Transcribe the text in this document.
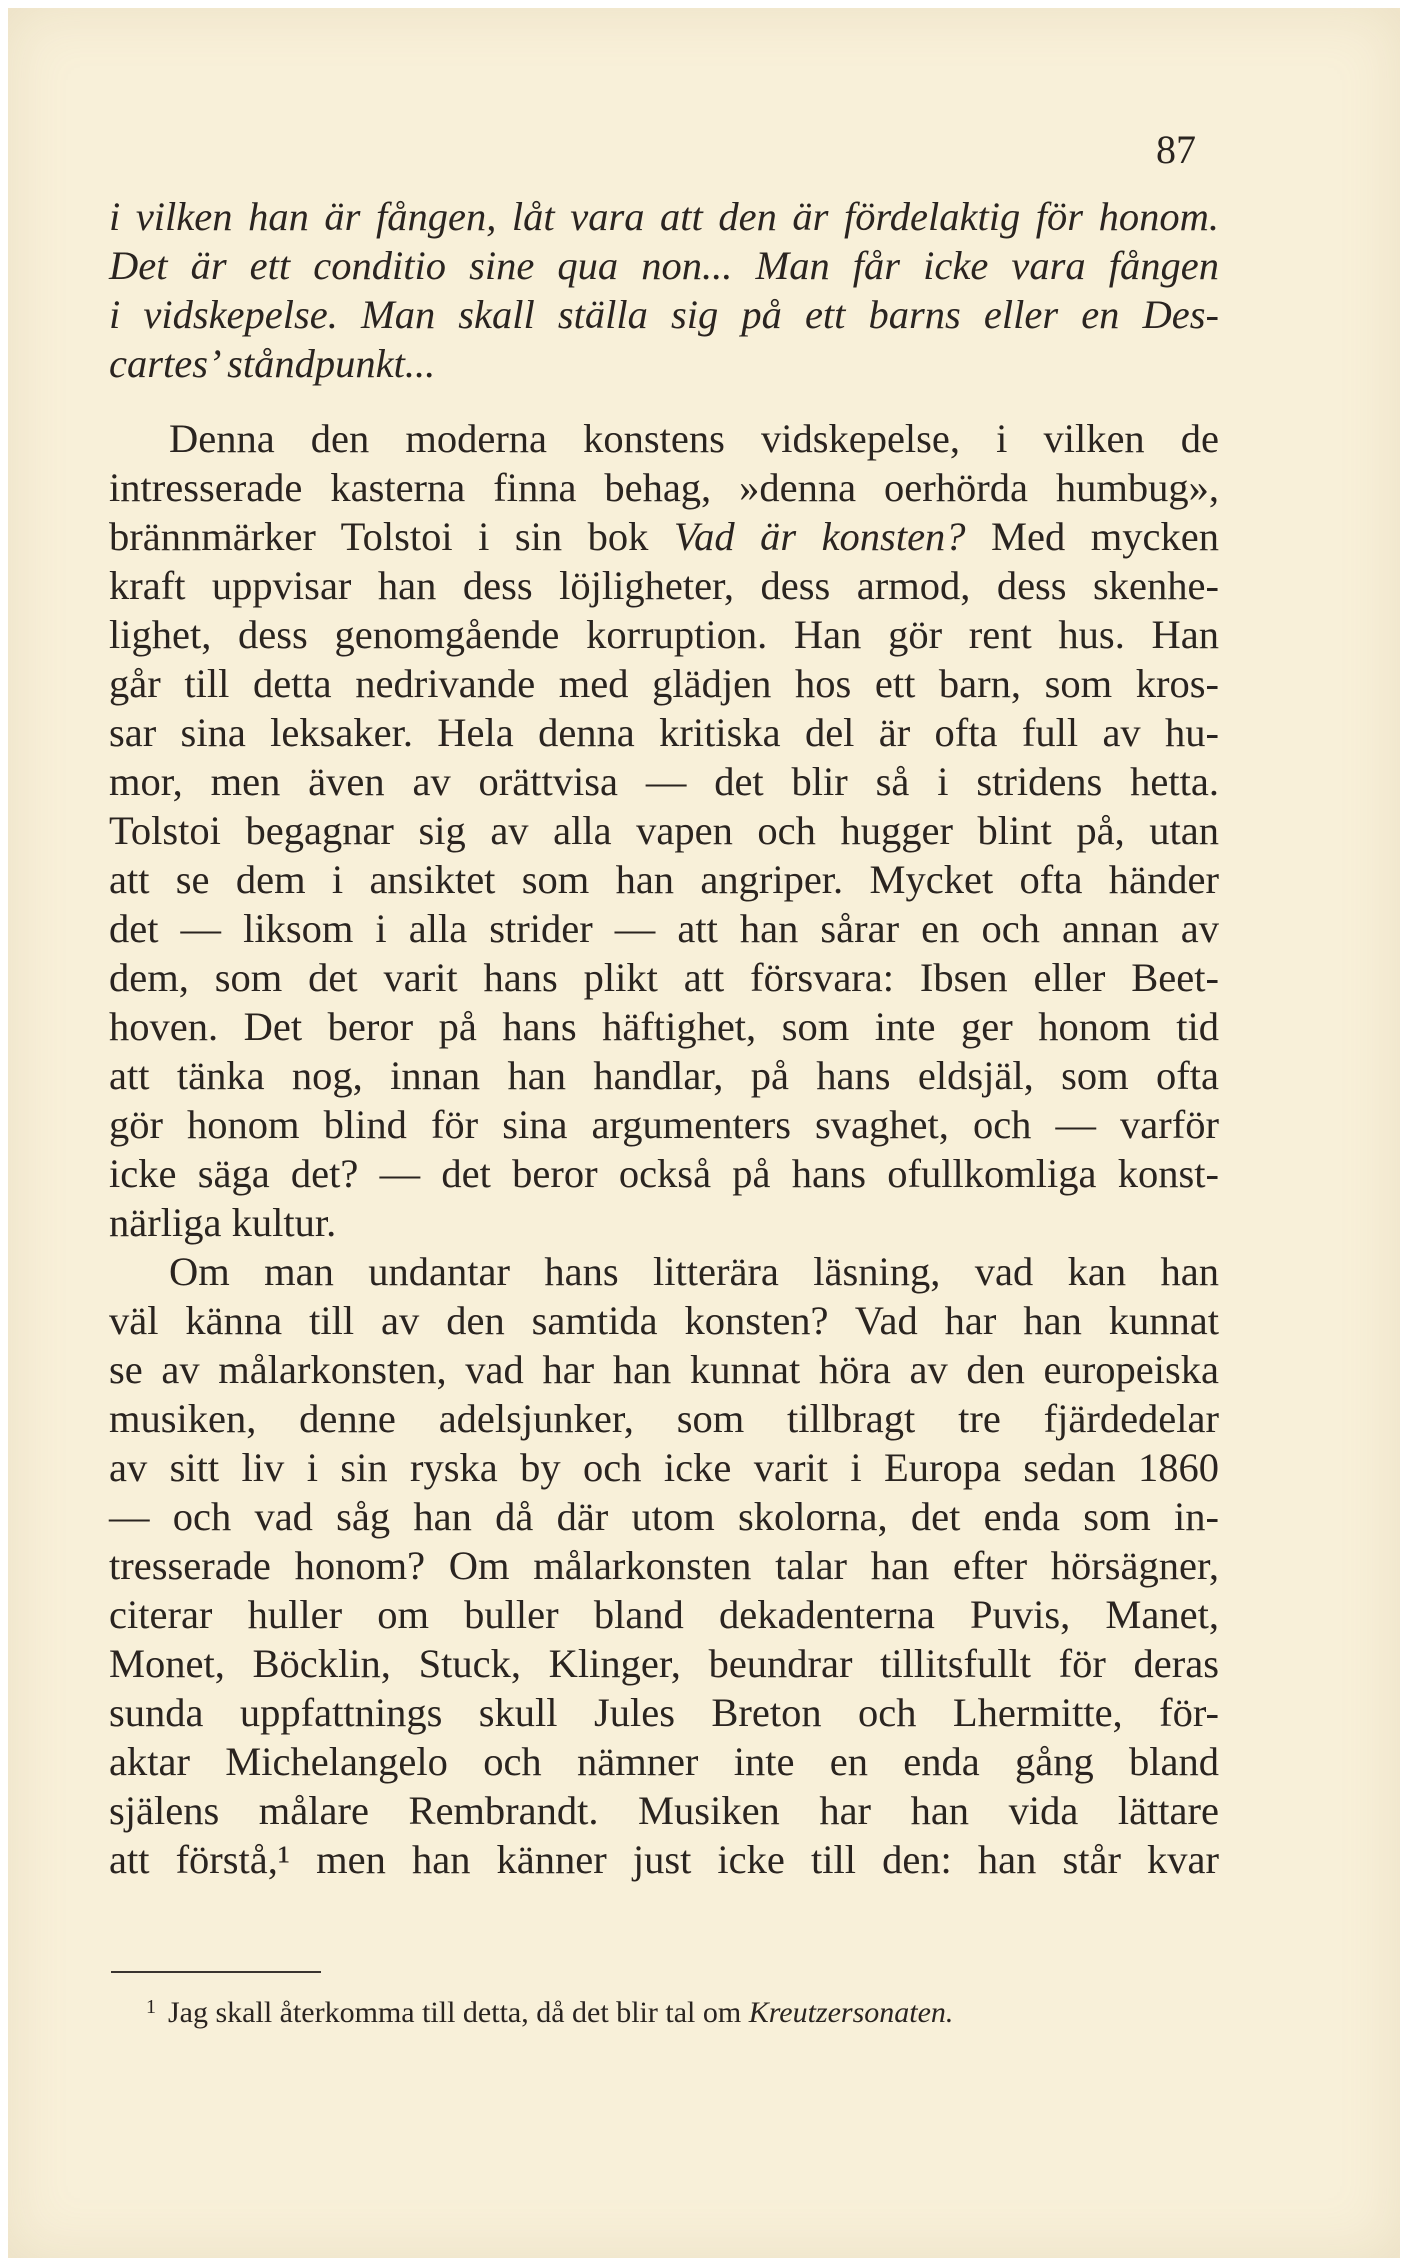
87
i vilken han är fången, låt vara att den är fördelaktig för honom.
Det är ett conditio sine qua non... Man får icke vara fången
i vidskepelse. Man skall ställa sig på ett barns eller en Des-
cartes’ ståndpunkt...
Denna den moderna konstens vidskepelse, i vilken de
intresserade kasterna finna behag, »denna oerhörda humbug»,
brännmärker Tolstoi i sin bok Vad är konsten? Med mycken
kraft uppvisar han dess löjligheter, dess armod, dess skenhe-
lighet, dess genomgående korruption. Han gör rent hus. Han
går till detta nedrivande med glädjen hos ett barn, som kros-
sar sina leksaker. Hela denna kritiska del är ofta full av hu-
mor, men även av orättvisa — det blir så i stridens hetta.
Tolstoi begagnar sig av alla vapen och hugger blint på, utan
att se dem i ansiktet som han angriper. Mycket ofta händer
det — liksom i alla strider — att han sårar en och annan av
dem, som det varit hans plikt att försvara: Ibsen eller Beet-
hoven. Det beror på hans häftighet, som inte ger honom tid
att tänka nog, innan han handlar, på hans eldsjäl, som ofta
gör honom blind för sina argumenters svaghet, och — varför
icke säga det? — det beror också på hans ofullkomliga konst-
närliga kultur.
Om man undantar hans litterära läsning, vad kan han
väl känna till av den samtida konsten? Vad har han kunnat
se av målarkonsten, vad har han kunnat höra av den europeiska
musiken, denne adelsjunker, som tillbragt tre fjärdedelar
av sitt liv i sin ryska by och icke varit i Europa sedan 1860
— och vad såg han då där utom skolorna, det enda som in-
tresserade honom? Om målarkonsten talar han efter hörsägner,
citerar huller om buller bland dekadenterna Puvis, Manet,
Monet, Böcklin, Stuck, Klinger, beundrar tillitsfullt för deras
sunda uppfattnings skull Jules Breton och Lhermitte, för-
aktar Michelangelo och nämner inte en enda gång bland
själens målare Rembrandt. Musiken har han vida lättare
att förstå,¹ men han känner just icke till den: han står kvar
1 Jag skall återkomma till detta, då det blir tal om Kreutzersonaten.
